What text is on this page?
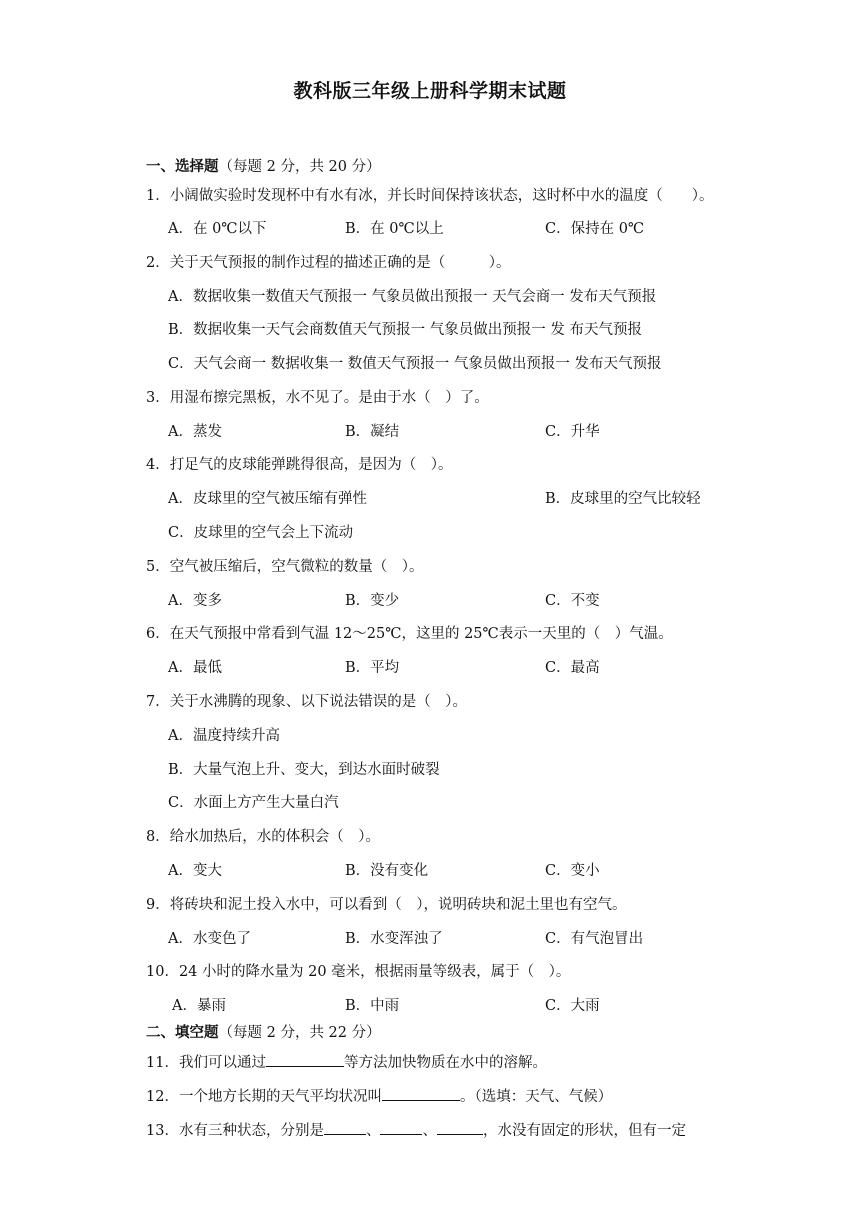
教科版三年级上册科学期末试题
一、选择题（每题 2 分，共 20 分）
1．小阔做实验时发现杯中有水有冰，并长时间保持该状态，这时杯中水的温度（　　）。
A．在 0℃以下	B．在 0℃以上	C．保持在 0℃
2．关于天气预报的制作过程的描述正确的是（　　　）。
A．数据收集一数值天气预报一 气象员做出预报一 天气会商一 发布天气预报
B．数据收集一天气会商数值天气预报一 气象员做出预报一 发 布天气预报
C．天气会商一 数据收集一 数值天气预报一 气象员做出预报一 发布天气预报
3．用湿布擦完黑板，水不见了。是由于水（　）了。
A．蒸发	B．凝结	C．升华
4．打足气的皮球能弹跳得很高，是因为（　）。
A．皮球里的空气被压缩有弹性	B．皮球里的空气比较轻
C．皮球里的空气会上下流动
5．空气被压缩后，空气微粒的数量（　）。
A．变多	B．变少	C．不变
6．在天气预报中常看到气温 12～25℃，这里的 25℃表示一天里的（　）气温。
A．最低	B．平均	C．最高
7．关于水沸腾的现象、以下说法错误的是（　）。
A．温度持续升高
B．大量气泡上升、变大，到达水面时破裂
C．水面上方产生大量白汽
8．给水加热后，水的体积会（　）。
A．变大	B．没有变化	C．变小
9．将砖块和泥土投入水中，可以看到（　），说明砖块和泥土里也有空气。
A．水变色了	B．水变浑浊了	C．有气泡冒出
10．24 小时的降水量为 20 毫米，根据雨量等级表，属于（　）。
A．暴雨	B．中雨	C．大雨
二、填空题（每题 2 分，共 22 分）
11．我们可以通过	等方法加快物质在水中的溶解。
12．一个地方长期的天气平均状况叫	。（选填：天气、气候）
13．水有三种状态，分别是	、	、	，水没有固定的形状，但有一定
